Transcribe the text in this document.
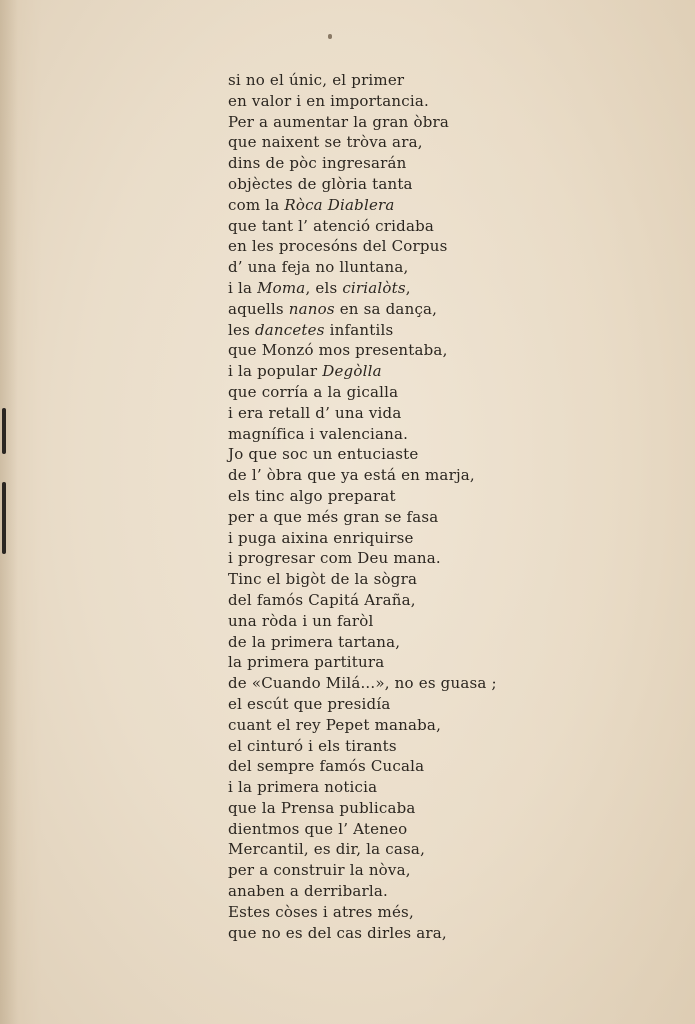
si no el únic, el primer
en valor i en importancia.
Per a aumentar la gran òbra
que naixent se tròva ara,
dins de pòc ingresarán
objèctes de glòria tanta
com la Ròca Diablera
que tant l’ atenció cridaba
en les procesóns del Corpus
d’ una feja no lluntana,
i la Moma, els cirialòts,
aquells nanos en sa dança,
les dancetes infantils
que Monzó mos presentaba,
i la popular Degòlla
que corría a la gicalla
i era retall d’ una vida
magnífica i valenciana.
Jo que soc un entuciaste
de l’ òbra que ya está en marja,
els tinc algo preparat
per a que més gran se fasa
i puga aixina enriquirse
i progresar com Deu mana.
Tinc el bigòt de la sògra
del famós Capitá Araña,
una ròda i un faròl
de la primera tartana,
la primera partitura
de «Cuando Milá...», no es guasa ;
el escút que presidía
cuant el rey Pepet manaba,
el cinturó i els tirants
del sempre famós Cucala
i la primera noticia
que la Prensa publicaba
dientmos que l’ Ateneo
Mercantil, es dir, la casa,
per a construir la nòva,
anaben a derribarla.
Estes còses i atres més,
que no es del cas dirles ara,
